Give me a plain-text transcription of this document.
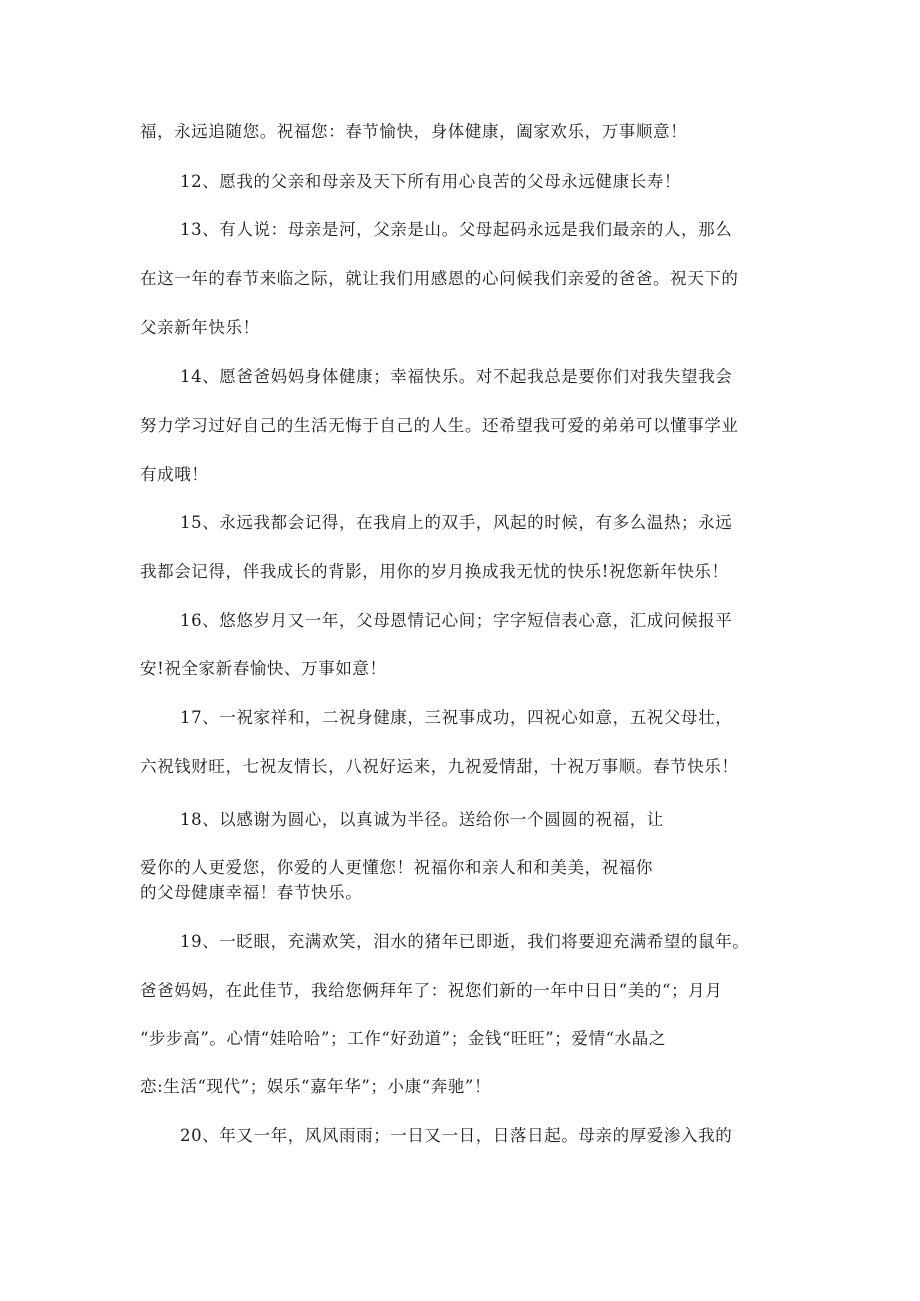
福，永远追随您。祝福您：春节愉快，身体健康，阖家欢乐，万事顺意！
12、愿我的父亲和母亲及天下所有用心良苦的父母永远健康长寿！
13、有人说：母亲是河，父亲是山。父母起码永远是我们最亲的人，那么
在这一年的春节来临之际，就让我们用感恩的心问候我们亲爱的爸爸。祝天下的
父亲新年快乐！
14、愿爸爸妈妈身体健康；幸福快乐。对不起我总是要你们对我失望我会
努力学习过好自己的生活无悔于自己的人生。还希望我可爱的弟弟可以懂事学业
有成哦！
15、永远我都会记得，在我肩上的双手，风起的时候，有多么温热；永远
我都会记得，伴我成长的背影，用你的岁月换成我无忧的快乐!祝您新年快乐！
16、悠悠岁月又一年，父母恩情记心间；字字短信表心意，汇成问候报平
安!祝全家新春愉快、万事如意！
17、一祝家祥和，二祝身健康，三祝事成功，四祝心如意，五祝父母壮，
六祝钱财旺，七祝友情长，八祝好运来，九祝爱情甜，十祝万事顺。春节快乐！
18、以感谢为圆心，以真诚为半径。送给你一个圆圆的祝福，让
爱你的人更爱您，你爱的人更懂您！祝福你和亲人和和美美，祝福你
的父母健康幸福！春节快乐。
19、一眨眼，充满欢笑，泪水的猪年已即逝，我们将要迎充满希望的鼠年。
爸爸妈妈，在此佳节，我给您俩拜年了：祝您们新的一年中日日“美的“；月月
“步步高”。心情“娃哈哈”；工作“好劲道”；金钱“旺旺”；爱情“水晶之
恋:生活“现代”；娱乐“嘉年华”；小康“奔驰”！
20、年又一年，风风雨雨；一日又一日，日落日起。母亲的厚爱渗入我的
